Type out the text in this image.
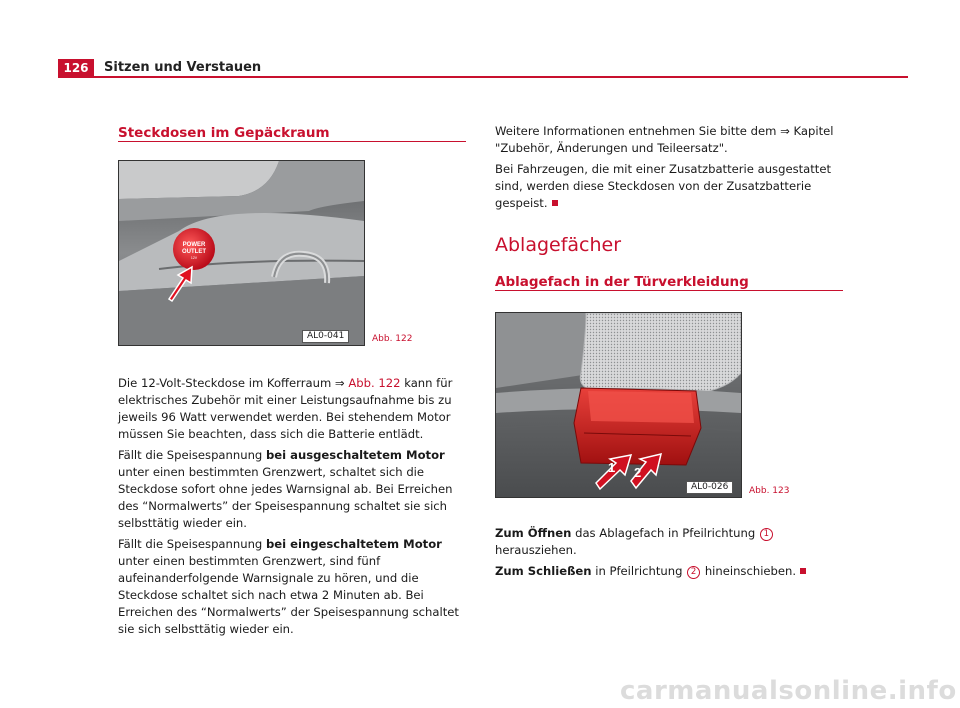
126	Sitzen und Verstauen
Steckdosen im Gepäckraum
POWER
OUTLET
12V
AL0-041	Abb. 122

Die 12-Volt-Steckdose im Kofferraum ⇒ Abb. 122 kann für elektrisches Zubehör mit einer Leistungsaufnahme bis zu jeweils 96 Watt verwendet werden. Bei stehendem Motor müssen Sie beachten, dass sich die Batterie entlädt.

Fällt die Speisespannung bei ausgeschaltetem Motor unter einen bestimmten Grenzwert, schaltet sich die Steckdose sofort ohne jedes Warnsignal ab. Bei Erreichen des “Normalwerts” der Speisespannung schaltet sie sich selbsttätig wieder ein.

Fällt die Speisespannung bei eingeschaltetem Motor unter einen bestimmten Grenzwert, sind fünf aufeinanderfolgende Warnsignale zu hören, und die Steckdose schaltet sich nach etwa 2 Minuten ab. Bei Erreichen des “Normalwerts” der Speisespannung schaltet sie sich selbsttätig wieder ein.

Weitere Informationen entnehmen Sie bitte dem ⇒ Kapitel "Zubehör, Änderungen und Teileersatz".

Bei Fahrzeugen, die mit einer Zusatzbatterie ausgestattet sind, werden diese Steckdosen von der Zusatzbatterie gespeist.

Ablagefächer
Ablagefach in der Türverkleidung
1 2
AL0-026	Abb. 123

Zum Öffnen das Ablagefach in Pfeilrichtung 1 herausziehen.

Zum Schließen in Pfeilrichtung 2 hineinschieben.

carmanualsonline.info
